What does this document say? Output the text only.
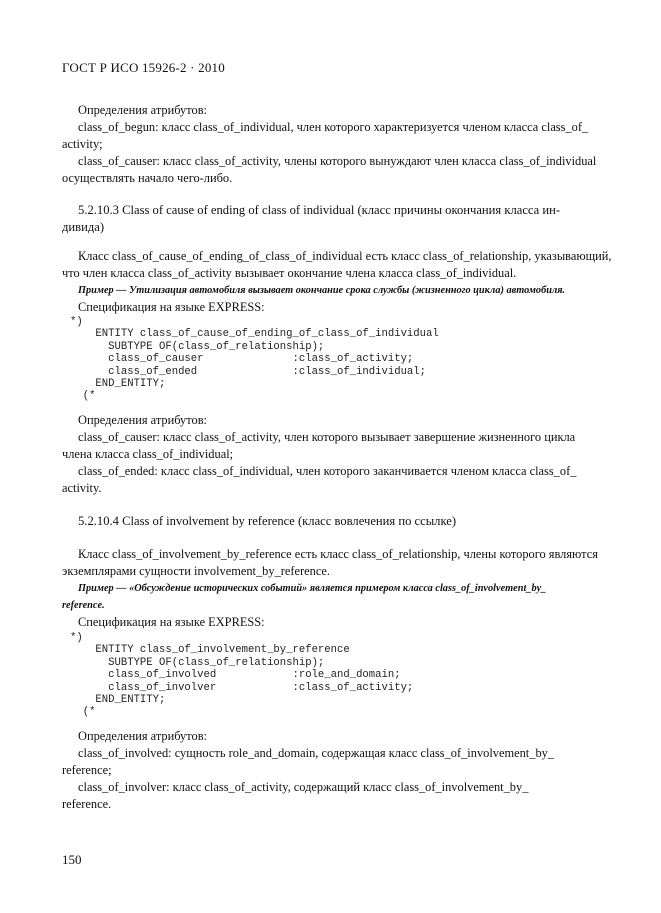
ГОСТ Р ИСО 15926-2 · 2010

Определения атрибутов:

class_of_begun: класс class_of_individual, член которого характеризуется членом класса class_of_

activity;

class_of_causer: класс class_of_activity, члены которого вынуждают член класса class_of_individual

осуществлять начало чего-либо.

5.2.10.3 Class of cause of ending of class of individual (класс причины окончания класса ин-

дивида)

Класс class_of_cause_of_ending_of_class_of_individual есть класс class_of_relationship, указывающий,

что член класса class_of_activity вызывает окончание члена класса class_of_individual.

Пример — Утилизация автомобиля вызывает окончание срока службы (жизненного цикла) автомобиля.

Спецификация на языке EXPRESS:

*)
ENTITY class_of_cause_of_ending_of_class_of_individual
SUBTYPE OF(class_of_relationship);
class_of_causer              :class_of_activity;
class_of_ended               :class_of_individual;
END_ENTITY;
(*

Определения атрибутов:

class_of_causer: класс class_of_activity, член которого вызывает завершение жизненного цикла

члена класса class_of_individual;

class_of_ended: класс class_of_individual, член которого заканчивается членом класса class_of_

activity.

5.2.10.4 Class of involvement by reference (класс вовлечения по ссылке)

Класс class_of_involvement_by_reference есть класс class_of_relationship, члены которого являются

экземплярами сущности involvement_by_reference.

Пример — «Обсуждение исторических событий» является примером класса class_of_involvement_by_

reference.

Спецификация на языке EXPRESS:

*)
ENTITY class_of_involvement_by_reference
SUBTYPE OF(class_of_relationship);
class_of_involved            :role_and_domain;
class_of_involver            :class_of_activity;
END_ENTITY;
(*

Определения атрибутов:

class_of_involved: сущность role_and_domain, содержащая класс class_of_involvement_by_

reference;

class_of_involver: класс class_of_activity, содержащий класс class_of_involvement_by_

reference.

150
